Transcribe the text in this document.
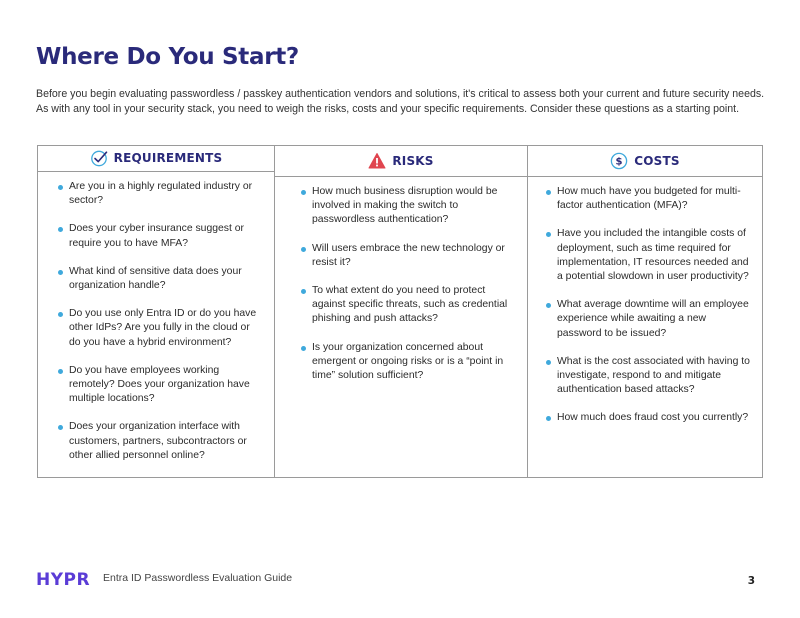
Where Do You Start?

Before you begin evaluating passwordless / passkey authentication vendors and solutions, it's critical to assess both your current and future security needs. As with any tool in your security stack, you need to weigh the risks, costs and your specific requirements. Consider these questions as a starting point.

REQUIREMENTS
Are you in a highly regulated industry or sector?
Does your cyber insurance suggest or require you to have MFA?
What kind of sensitive data does your organization handle?
Do you use only Entra ID or do you have other IdPs? Are you fully in the cloud or do you have a hybrid environment?
Do you have employees working remotely? Does your organization have multiple locations?
Does your organization interface with customers, partners, subcontractors or other allied personnel online?
RISKS
How much business disruption would be involved in making the switch to passwordless authentication?
Will users embrace the new technology or resist it?
To what extent do you need to protect against specific threats, such as credential phishing and push attacks?
Is your organization concerned about emergent or ongoing risks or is a “point in time” solution sufficient?
$ COSTS
How much have you budgeted for multi-factor authentication (MFA)?
Have you included the intangible costs of deployment, such as time required for implementation, IT resources needed and a potential slowdown in user productivity?
What average downtime will an employee experience while awaiting a new password to be issued?
What is the cost associated with having to investigate, respond to and mitigate authentication based attacks?
How much does fraud cost you currently?
HYPR Entra ID Passwordless Evaluation Guide	3
